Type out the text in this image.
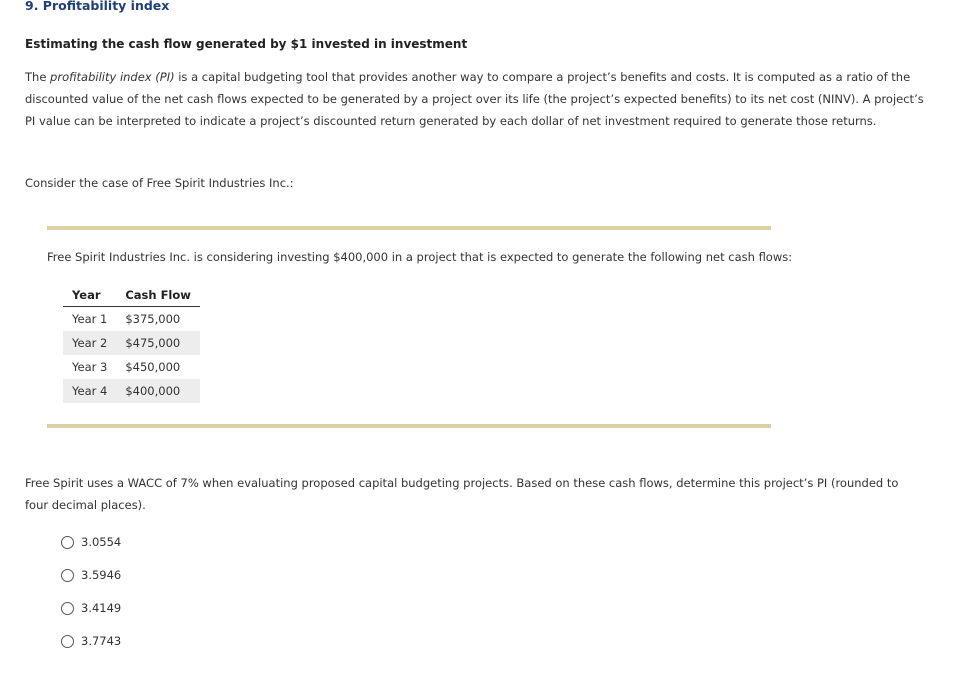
9. Profitability index
Estimating the cash flow generated by $1 invested in investment

The profitability index (PI) is a capital budgeting tool that provides another way to compare a project’s benefits and costs. It is computed as a ratio of the discounted value of the net cash flows expected to be generated by a project over its life (the project’s expected benefits) to its net cost (NINV). A project’s PI value can be interpreted to indicate a project’s discounted return generated by each dollar of net investment required to generate those returns.

Consider the case of Free Spirit Industries Inc.:

Free Spirit Industries Inc. is considering investing $400,000 in a project that is expected to generate the following net cash flows:

Year	Cash Flow
Year 1	$375,000
Year 2	$475,000
Year 3	$450,000
Year 4	$400,000

Free Spirit uses a WACC of 7% when evaluating proposed capital budgeting projects. Based on these cash flows, determine this project’s PI (rounded to four decimal places).

3.0554
3.5946
3.4149
3.7743
